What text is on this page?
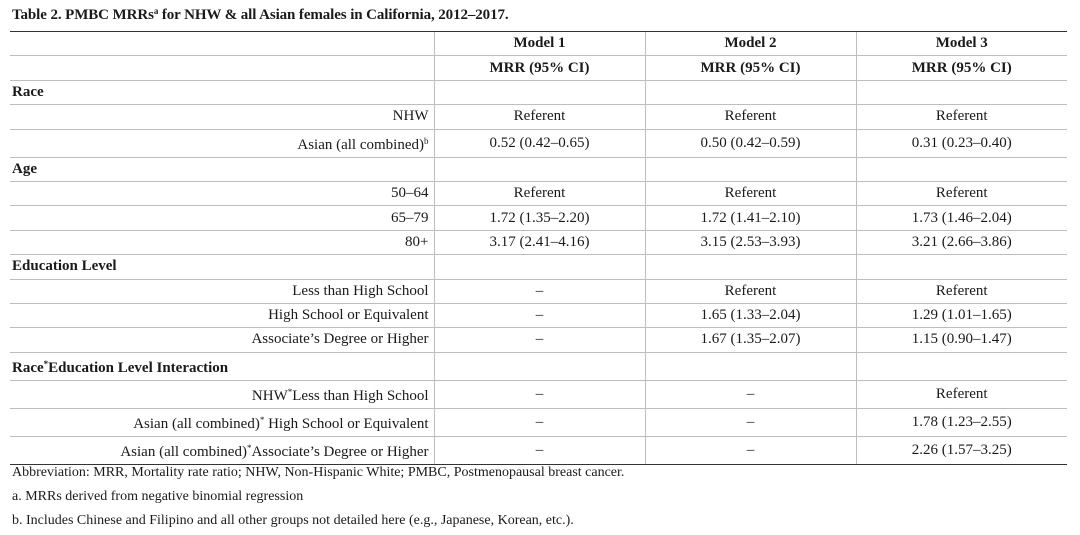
Table 2. PMBC MRRs$^a$ for NHW & all Asian females in California, 2012–2017.
	Model 1	Model 2	Model 3
	MRR (95% CI)	MRR (95% CI)	MRR (95% CI)
Race			
NHW	Referent	Referent	Referent
Asian (all combined)$^b$	0.52 (0.42–0.65)	0.50 (0.42–0.59)	0.31 (0.23–0.40)
Age			
50–64	Referent	Referent	Referent
65–79	1.72 (1.35–2.20)	1.72 (1.41–2.10)	1.73 (1.46–2.04)
80+	3.17 (2.41–4.16)	3.15 (2.53–3.93)	3.21 (2.66–3.86)
Education Level			
Less than High School	–	Referent	Referent
High School or Equivalent	–	1.65 (1.33–2.04)	1.29 (1.01–1.65)
Associate’s Degree or Higher	–	1.67 (1.35–2.07)	1.15 (0.90–1.47)
Race*Education Level Interaction			
NHW*Less than High School	–	–	Referent
Asian (all combined)* High School or Equivalent	–	–	1.78 (1.23–2.55)
Asian (all combined)*Associate’s Degree or Higher	–	–	2.26 (1.57–3.25)
Abbreviation: MRR, Mortality rate ratio; NHW, Non-Hispanic White; PMBC, Postmenopausal breast cancer.
a. MRRs derived from negative binomial regression
b. Includes Chinese and Filipino and all other groups not detailed here (e.g., Japanese, Korean, etc.).
